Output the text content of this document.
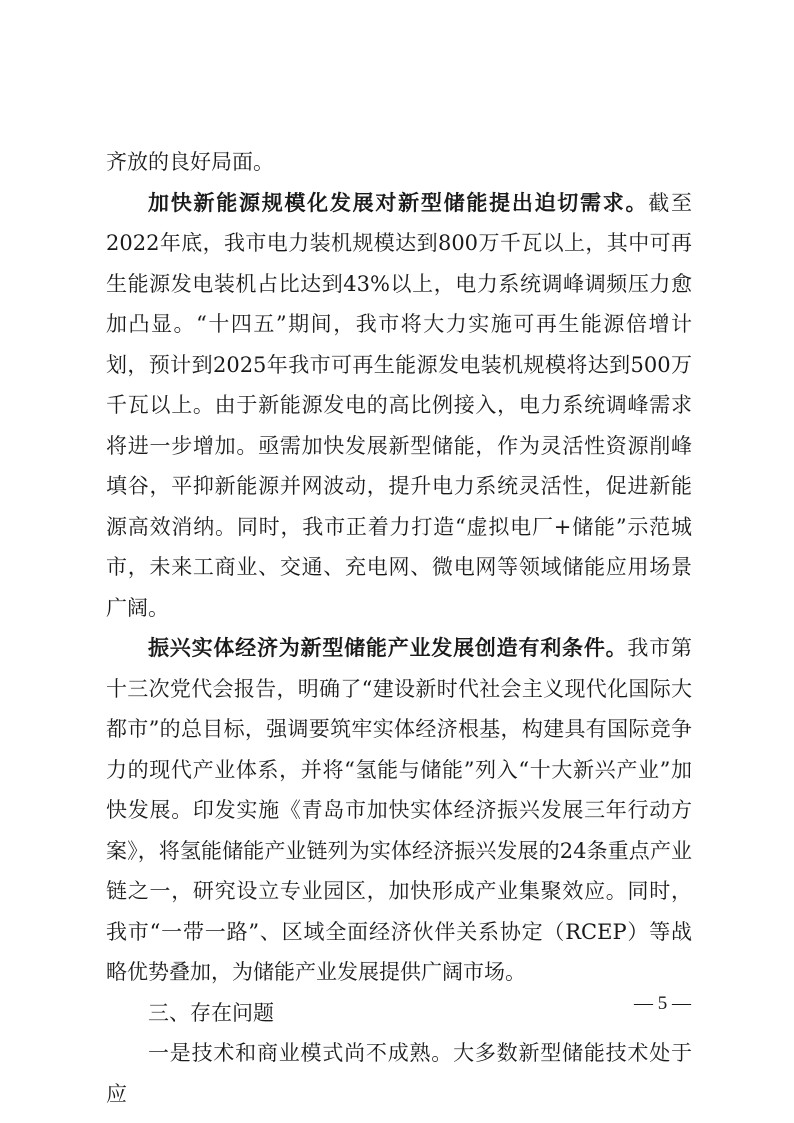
齐放的良好局面。

加快新能源规模化发展对新型储能提出迫切需求。截至2022年底，我市电力装机规模达到800万千瓦以上，其中可再生能源发电装机占比达到43%以上，电力系统调峰调频压力愈加凸显。“十四五”期间，我市将大力实施可再生能源倍增计划，预计到2025年我市可再生能源发电装机规模将达到500万千瓦以上。由于新能源发电的高比例接入，电力系统调峰需求将进一步增加。亟需加快发展新型储能，作为灵活性资源削峰填谷，平抑新能源并网波动，提升电力系统灵活性，促进新能源高效消纳。同时，我市正着力打造“虚拟电厂+储能”示范城市，未来工商业、交通、充电网、微电网等领域储能应用场景广阔。

振兴实体经济为新型储能产业发展创造有利条件。我市第十三次党代会报告，明确了“建设新时代社会主义现代化国际大都市”的总目标，强调要筑牢实体经济根基，构建具有国际竞争力的现代产业体系，并将“氢能与储能”列入“十大新兴产业”加快发展。印发实施《青岛市加快实体经济振兴发展三年行动方案》，将氢能储能产业链列为实体经济振兴发展的24条重点产业链之一，研究设立专业园区，加快形成产业集聚效应。同时，我市“一带一路”、区域全面经济伙伴关系协定（RCEP）等战略优势叠加，为储能产业发展提供广阔市场。

三、存在问题

一是技术和商业模式尚不成熟。大多数新型储能技术处于应

— 5 —
